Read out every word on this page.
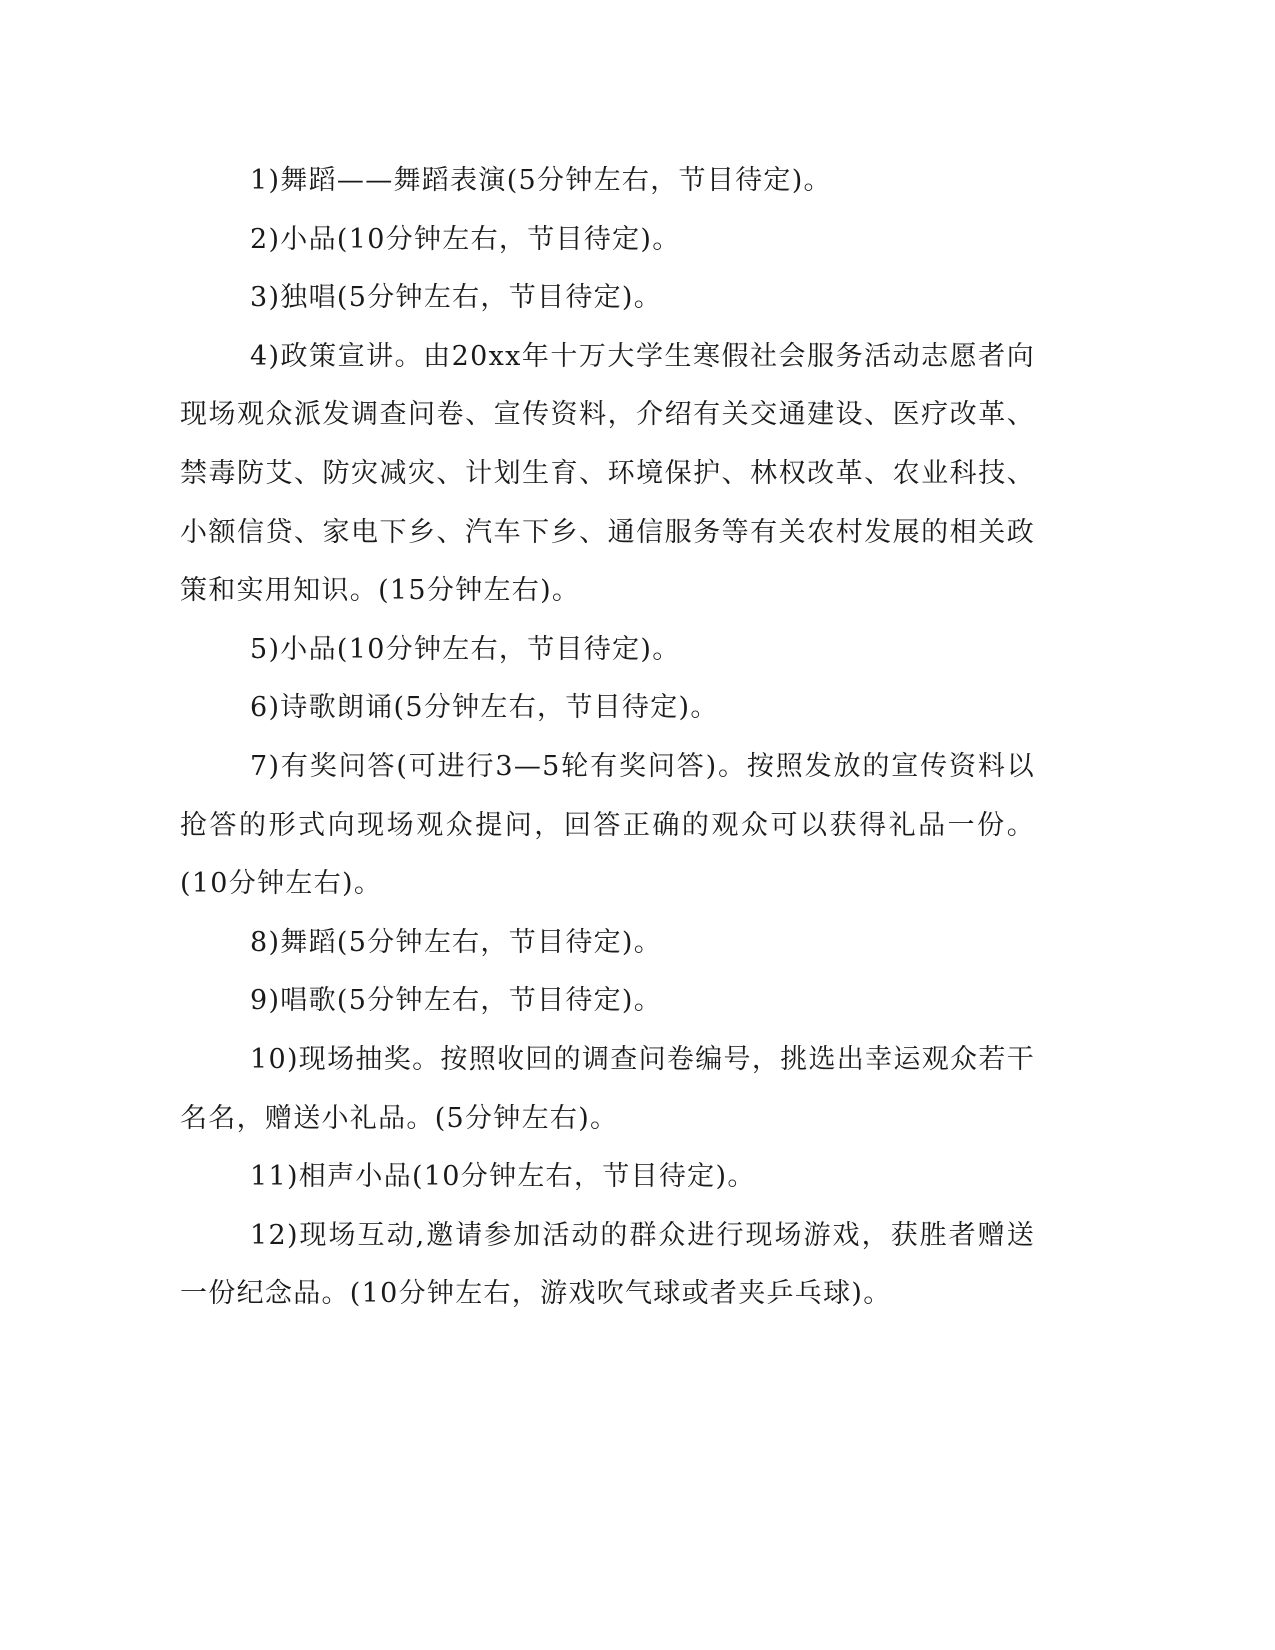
1)舞蹈——舞蹈表演(5分钟左右，节目待定)。

2)小品(10分钟左右，节目待定)。

3)独唱(5分钟左右，节目待定)。

4)政策宣讲。由20xx年十万大学生寒假社会服务活动志愿者向现场观众派发调查问卷、宣传资料，介绍有关交通建设、医疗改革、禁毒防艾、防灾减灾、计划生育、环境保护、林权改革、农业科技、小额信贷、家电下乡、汽车下乡、通信服务等有关农村发展的相关政策和实用知识。(15分钟左右)。

5)小品(10分钟左右，节目待定)。

6)诗歌朗诵(5分钟左右，节目待定)。

7)有奖问答(可进行3—5轮有奖问答)。按照发放的宣传资料以抢答的形式向现场观众提问，回答正确的观众可以获得礼品一份。(10分钟左右)。

8)舞蹈(5分钟左右，节目待定)。

9)唱歌(5分钟左右，节目待定)。

10)现场抽奖。按照收回的调查问卷编号，挑选出幸运观众若干名名，赠送小礼品。(5分钟左右)。

11)相声小品(10分钟左右，节目待定)。

12)现场互动,邀请参加活动的群众进行现场游戏，获胜者赠送一份纪念品。(10分钟左右，游戏吹气球或者夹乒乓球)。
